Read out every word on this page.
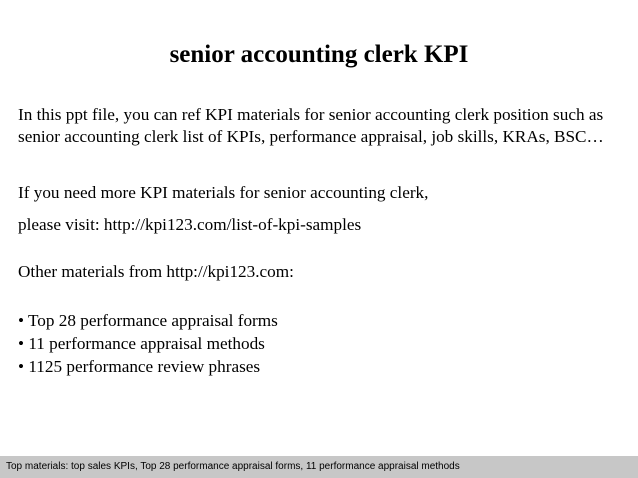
senior accounting clerk KPI

In this ppt file, you can ref KPI materials for senior accounting clerk position such as senior accounting clerk list of KPIs, performance appraisal, job skills, KRAs, BSC…

If you need more KPI materials for senior accounting clerk,

please visit: http://kpi123.com/list-of-kpi-samples

Other materials from http://kpi123.com:

• Top 28 performance appraisal forms
• 11 performance appraisal methods
• 1125 performance review phrases
Top materials: top sales KPIs, Top 28 performance appraisal forms, 11 performance appraisal methods
